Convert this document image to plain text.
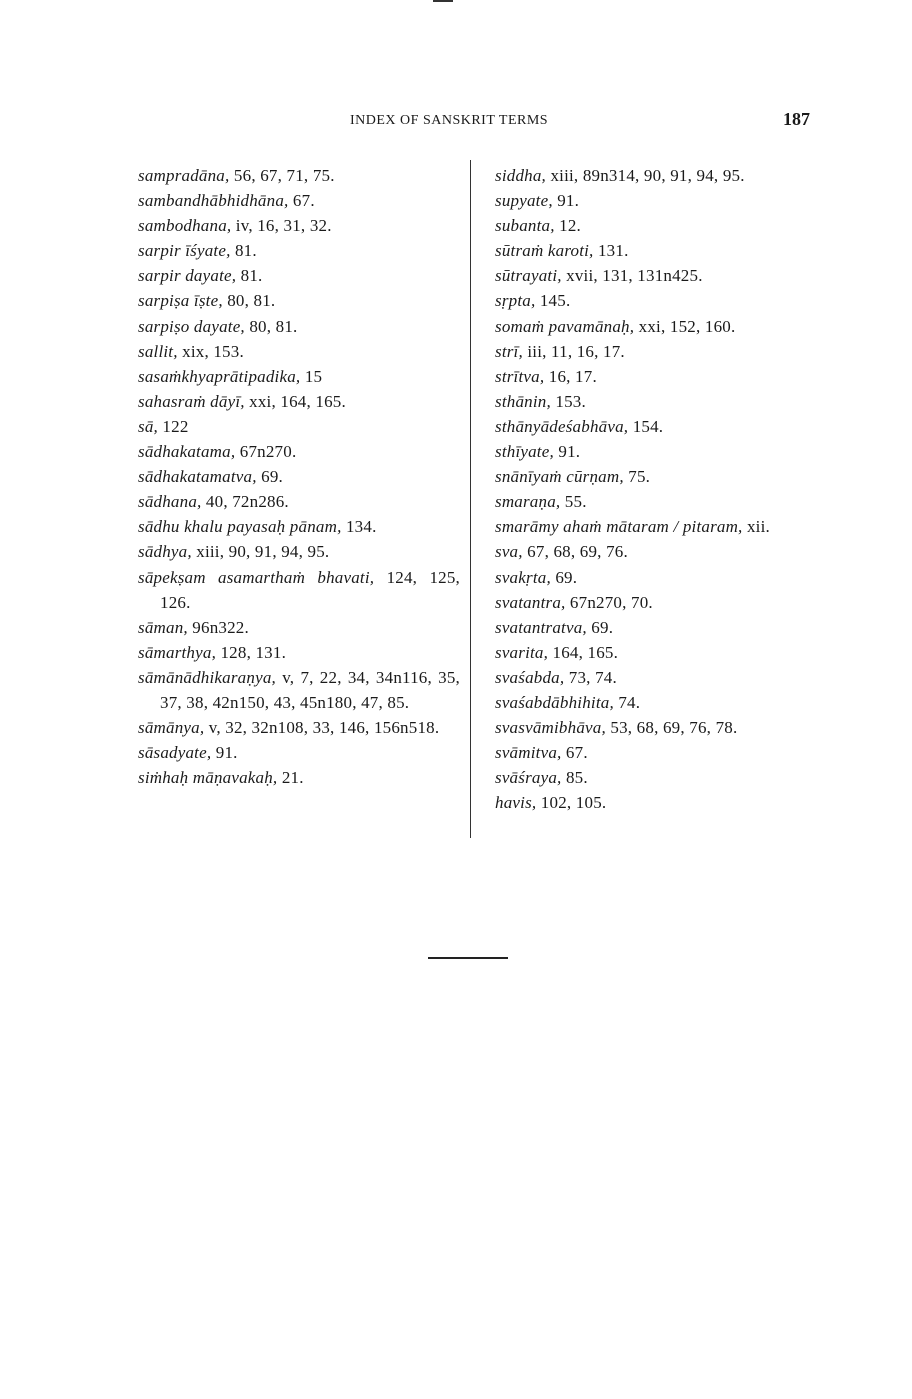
INDEX OF SANSKRIT TERMS	187
sampradāna, 56, 67, 71, 75.
sambandhābhidhāna, 67.
sambodhana, iv, 16, 31, 32.
sarpir īśyate, 81.
sarpir dayate, 81.
sarpiṣa īṣte, 80, 81.
sarpiṣo dayate, 80, 81.
sallit, xix, 153.
sasaṁkhyaprātipadika, 15
sahasraṁ dāyī, xxi, 164, 165.
sā, 122
sādhakatama, 67n270.
sādhakatamatva, 69.
sādhana, 40, 72n286.
sādhu khalu payasaḥ pānam, 134.
sādhya, xiii, 90, 91, 94, 95.
sāpekṣam asamarthaṁ bhavati, 124, 125, 126.
sāman, 96n322.
sāmarthya, 128, 131.
sāmānādhikaraṇya, v, 7, 22, 34, 34n116, 35, 37, 38, 42n150, 43, 45n180, 47, 85.
sāmānya, v, 32, 32n108, 33, 146, 156n518.
sāsadyate, 91.
siṁhaḥ māṇavakaḥ, 21.
siddha, xiii, 89n314, 90, 91, 94, 95.
supyate, 91.
subanta, 12.
sūtraṁ karoti, 131.
sūtrayati, xvii, 131, 131n425.
sṛpta, 145.
somaṁ pavamānaḥ, xxi, 152, 160.
strī, iii, 11, 16, 17.
strītva, 16, 17.
sthānin, 153.
sthānyādeśabhāva, 154.
sthīyate, 91.
snānīyaṁ cūrṇam, 75.
smaraṇa, 55.
smarāmy ahaṁ mātaram / pitaram, xii.
sva, 67, 68, 69, 76.
svakṛta, 69.
svatantra, 67n270, 70.
svatantratva, 69.
svarita, 164, 165.
svaśabda, 73, 74.
svaśabdābhihita, 74.
svasvāmibhāva, 53, 68, 69, 76, 78.
svāmitva, 67.
svāśraya, 85.
havis, 102, 105.
